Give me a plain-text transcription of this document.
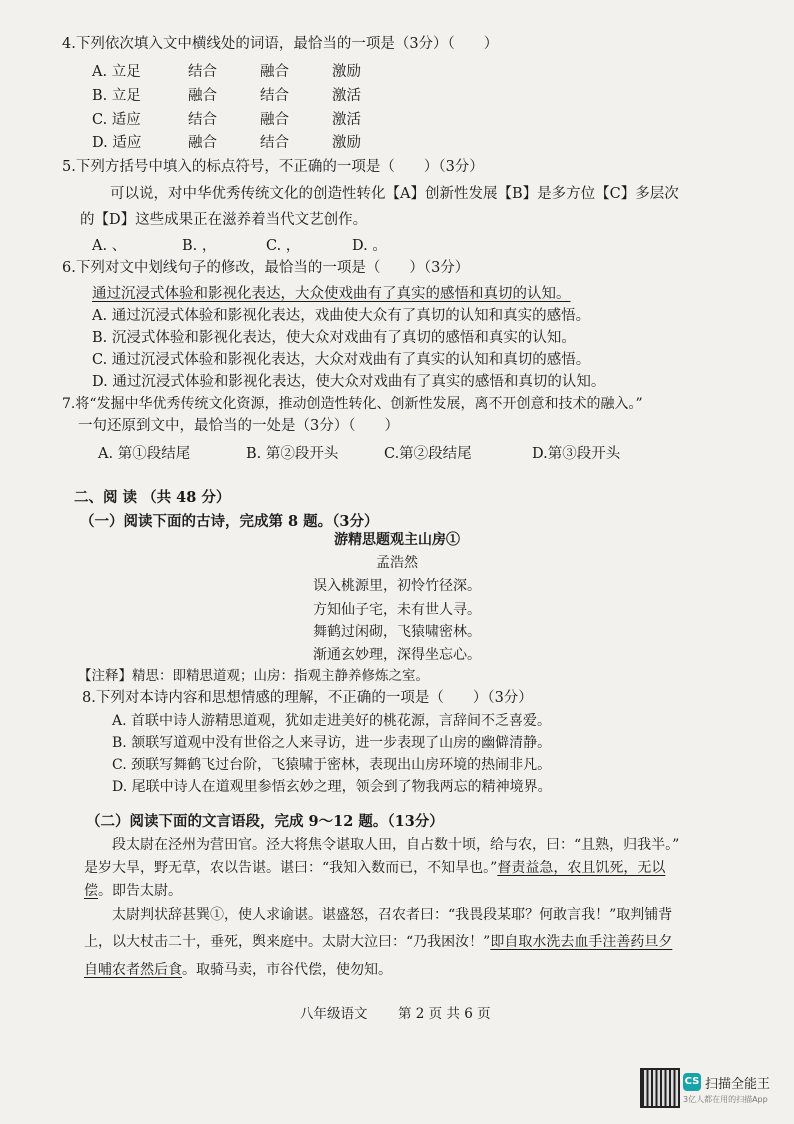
4.下列依次填入文中横线处的词语，最恰当的一项是（3分）（　　）
A. 立足	结合	融合	激励
B. 立足	融合	结合	激活
C. 适应	结合	融合	激活
D. 适应	融合	结合	激励
5.下列方括号中填入的标点符号，不正确的一项是（　　）（3分）
可以说，对中华优秀传统文化的创造性转化【A】创新性发展【B】是多方位【C】多层次
的【D】这些成果正在滋养着当代文艺创作。
A. 、	B. ，	C. ，	D. 。
6.下列对文中划线句子的修改，最恰当的一项是（　　）（3分）
通过沉浸式体验和影视化表达，大众使戏曲有了真实的感悟和真切的认知。
A. 通过沉浸式体验和影视化表达，戏曲使大众有了真切的认知和真实的感悟。
B. 沉浸式体验和影视化表达，使大众对戏曲有了真切的感悟和真实的认知。
C. 通过沉浸式体验和影视化表达，大众对戏曲有了真实的认知和真切的感悟。
D. 通过沉浸式体验和影视化表达，使大众对戏曲有了真实的感悟和真切的认知。
7.将“发掘中华优秀传统文化资源，推动创造性转化、创新性发展，离不开创意和技术的融入。”
一句还原到文中，最恰当的一处是（3分）（　　）
A. 第①段结尾	B. 第②段开头	C.第②段结尾	D.第③段开头
二、阅 读 （共 48 分）
（一）阅读下面的古诗，完成第 8 题。（3分）
游精思题观主山房①
孟浩然
误入桃源里，初怜竹径深。
方知仙子宅，未有世人寻。
舞鹤过闲砌，飞猿啸密林。
渐通玄妙理，深得坐忘心。
【注释】精思：即精思道观；山房：指观主静养修炼之室。
8.下列对本诗内容和思想情感的理解，不正确的一项是（　　）（3分）
A. 首联中诗人游精思道观，犹如走进美好的桃花源，言辞间不乏喜爱。
B. 颔联写道观中没有世俗之人来寻访，进一步表现了山房的幽僻清静。
C. 颈联写舞鹤飞过台阶，飞猿啸于密林，表现出山房环境的热闹非凡。
D. 尾联中诗人在道观里参悟玄妙之理，领会到了物我两忘的精神境界。
（二）阅读下面的文言语段，完成 9～12 题。（13分）
段太尉在泾州为营田官。泾大将焦令谌取人田，自占数十顷，给与农，曰：“且熟，归我半。”
是岁大旱，野无草，农以告谌。谌曰：“我知入数而已，不知旱也。”督责益急，农且饥死，无以
偿。即告太尉。
太尉判状辞甚巽①，使人求谕谌。谌盛怒，召农者曰：“我畏段某耶？何敢言我！”取判铺背
上，以大杖击二十，垂死，舆来庭中。太尉大泣曰：“乃我困汝！”即自取水洗去血手注善药旦夕
自哺农者然后食。取骑马卖，市谷代偿，使勿知。
八年级语文 第 2 页 共 6 页
CS 扫描全能王
3亿人都在用的扫描App
